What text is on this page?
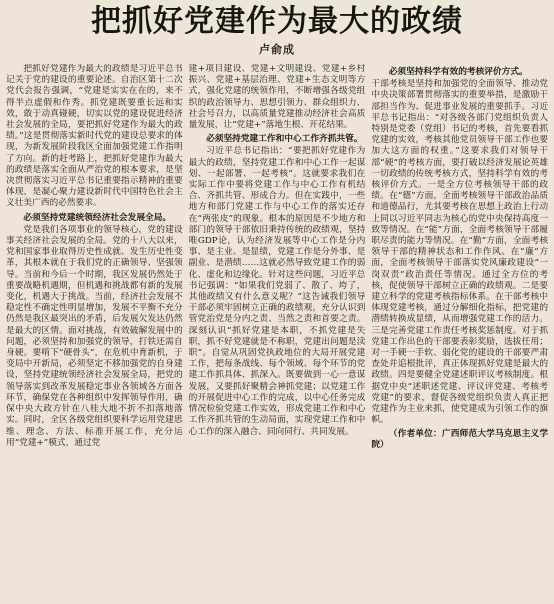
把抓好党建作为最大的政绩
卢俞成

把抓好党建作为最大的政绩是习近平总书记关于党的建设的重要论述。自治区第十二次党代会报告强调，“党建是实实在在的，来不得半点虚假和作秀。抓党建既要重长远和实效，敢于动真碰硬，切实以党的建设促进经济社会发展的全局，要把抓好党建作为最大的政绩。”这是贯彻落实新时代党的建设总要求的体现，为新发展阶段我区全面加强党建工作指明了方向。新的赶考路上，把抓好党建作为最大的政绩是落实全面从严治党的根本要求，是坚决贯彻落实习近平总书记重要指示精神的重要体现，是凝心聚力建设新时代中国特色社会主义壮美广西的必然要求。

必须坚持党建统领经济社会发展全局。

党是我们各项事业的领导核心，党的建设事关经济社会发展的全局。党的十八大以来，党和国家事业取得历史性成就、发生历史性变革，其根本就在于我们党的正确领导、坚强领导。当前和今后一个时期，我区发展仍然处于重要战略机遇期，但机遇和挑战都有新的发展变化，机遇大于挑战。当前，经济社会发展不稳定性不确定性明显增加，发展不平衡不充分仍然是我区最突出的矛盾，后发展欠发达仍然是最大的区情。面对挑战，有效破解发展中的问题，必须坚持和加强党的领导，打铁还需自身硬。要啃下“硬骨头”，在危机中育新机，于变局中开新局，必须坚定不移加强党的自身建设，坚持党建统领经济社会发展全局，把党的领导落实到改革发展稳定事业各领域各方面各环节，确保党在各种组织中发挥领导作用，确保中央大政方针在八桂大地不折不扣落地落实。同时，全区各级党组织要科学运用党建思维、理念、方法、标准开展工作，充分运用“党建+”模式，通过党

建+项目建设、党建+文明建设、党建+乡村振兴、党建+基层治理、党建+生态文明等方式，强化党建的统领作用，不断增强各级党组织的政治领导力、思想引领力、群众组织力、社会号召力，以高质量党建推动经济社会高质量发展，让“党建+”落地生根、开花结果。

必须坚持党建工作和中心工作齐抓共管。

习近平总书记指出：“要把抓好党建作为最大的政绩，坚持党建工作和中心工作一起谋划、一起部署、一起考核”。这就要求我们在实际工作中要将党建工作与中心工作有机结合、齐抓共管、形成合力。但在实践中，一些地方和部门党建工作与中心工作的落实还存在“两张皮”的现象。根本的原因是不少地方和部门的领导干部依旧秉持传统的政绩观，坚持唯GDP论，认为经济发展等中心工作是分内事、是主业、是显绩，党建工作是分外事、是副业、是潜绩……这就必然导致党建工作的弱化、虚化和边缘化。针对这些问题，习近平总书记强调：“如果我们党弱了、散了、垮了，其他政绩又有什么意义呢？”这告诫我们领导干部必须牢固树立正确的政绩观，充分认识到管党治党是分内之责、当然之责和首要之责。深刻认识“抓好党建是本职，不抓党建是失职，抓不好党建就是不称职，党建出问题是渎职”。自觉从巩固党执政地位的大局开展党建工作，把每条战线、每个领域、每个环节的党建工作抓具体、抓深入。既要做到一心一意谋发展，又要抓好聚精会神抓党建；以党建工作的开展促进中心工作的完成，以中心任务完成情况检验党建工作实效，形成党建工作和中心工作齐抓共管的生动局面，实现党建工作和中心工作的深入融合、同向同行、共同发展。

必须坚持科学有效的考核评价方式。

干部考核是坚持和加强党的全面领导、推动党中央决策部署贯彻落实的重要举措，是激励干部担当作为、促进事业发展的重要抓手。习近平总书记指出：“对各级各部门党组织负责人特别是党委（党组）书记的考核，首先要看抓党建的实效，考核其他党员领导干部工作也要加大这方面的权重。”这要求我们对领导干部“硬”的考核方面，要打破以经济发展论英雄一切政绩的传统考核方式，坚持科学有效的考核评价方式。一是全方位考核领导干部的政绩。在“德”方面，全面考核领导干部政治品质和道德品行，尤其要考核在思想上政治上行动上同以习近平同志为核心的党中央保持高度一致等情况。在“能”方面，全面考核领导干部履职尽责的能力等情况。在“勤”方面，全面考核领导干部的精神状态和工作作风。在“廉”方面，全面考核领导干部落实党风廉政建设“一岗双责”政治责任等情况。通过全方位的考核，促使领导干部树立正确的政绩观。二是要建立科学的党建考核指标体系。在干部考核中体现党建考核，通过分解细化指标，把党建的潜绩转换成显绩，从而增强党建工作的活力。三是完善党建工作责任考核奖惩制度。对于抓党建工作出色的干部要表彰奖励，选拔任用；对一手硬一手软、弱化党的建设的干部要严肃查处并追根批评，真正体现抓好党建是最大的政绩。四是要健全党建述职评议考核制度。根据党中央“述职述党建、评议评党建、考核考党建”的要求，督促各级党组织负责人真正把党建作为主业来抓，使党建成为引领工作的旗帜。

（作者单位：广西师范大学马克思主义学院）
